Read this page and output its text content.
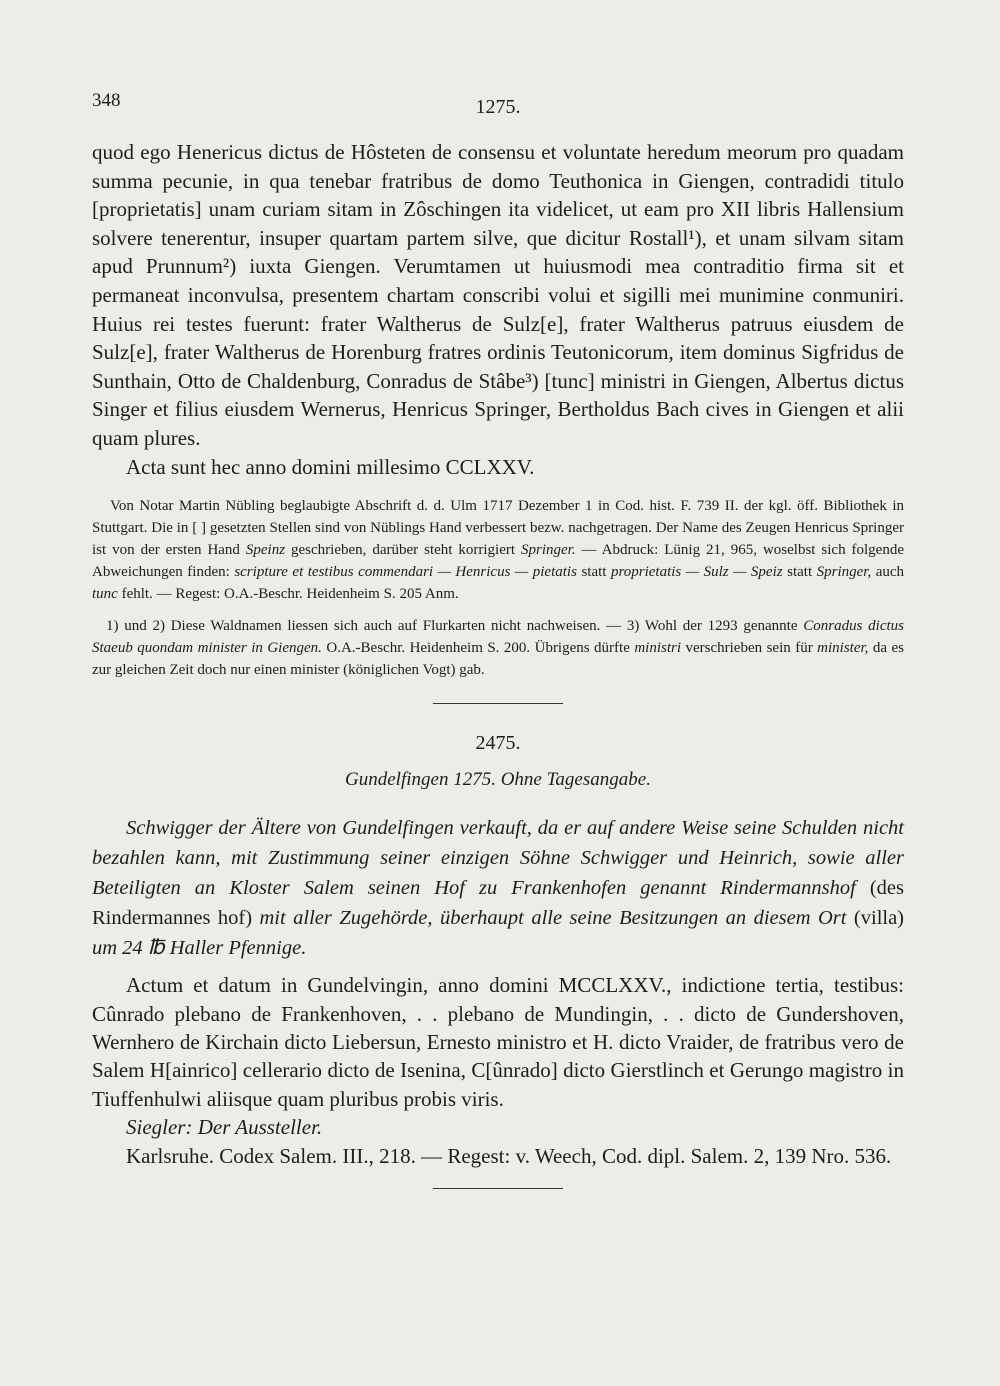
348	1275.

quod ego Henericus dictus de Hôsteten de consensu et voluntate heredum meorum pro quadam summa pecunie, in qua tenebar fratribus de domo Teuthonica in Giengen, contradidi titulo [proprietatis] unam curiam sitam in Zôschingen ita videlicet, ut eam pro XII libris Hallensium solvere tenerentur, insuper quartam partem silve, que dicitur Rostall¹), et unam silvam sitam apud Prunnum²) iuxta Giengen. Verumtamen ut huiusmodi mea contraditio firma sit et permaneat inconvulsa, presentem chartam conscribi volui et sigilli mei munimine conmuniri. Huius rei testes fuerunt: frater Waltherus de Sulz[e], frater Waltherus patruus eiusdem de Sulz[e], frater Waltherus de Horenburg fratres ordinis Teutonicorum, item dominus Sigfridus de Sunthain, Otto de Chaldenburg, Conradus de Stâbe³) [tunc] ministri in Giengen, Albertus dictus Singer et filius eiusdem Wernerus, Henricus Springer, Bertholdus Bach cives in Giengen et alii quam plures.

Acta sunt hec anno domini millesimo CCLXXV.

Von Notar Martin Nübling beglaubigte Abschrift d. d. Ulm 1717 Dezember 1 in Cod. hist. F. 739 II. der kgl. öff. Bibliothek in Stuttgart. Die in [ ] gesetzten Stellen sind von Nüblings Hand verbessert bezw. nachgetragen. Der Name des Zeugen Henricus Springer ist von der ersten Hand Speinz geschrieben, darüber steht korrigiert Springer. — Abdruck: Lünig 21, 965, woselbst sich folgende Abweichungen finden: scripture et testibus commendari — Henricus — pietatis statt proprietatis — Sulz — Speiz statt Springer, auch tunc fehlt. — Regest: O.A.-Beschr. Heidenheim S. 205 Anm.

1) und 2) Diese Waldnamen liessen sich auch auf Flurkarten nicht nachweisen. — 3) Wohl der 1293 genannte Conradus dictus Staeub quondam minister in Giengen. O.A.-Beschr. Heidenheim S. 200. Übrigens dürfte ministri verschrieben sein für minister, da es zur gleichen Zeit doch nur einen minister (königlichen Vogt) gab.

2475.
Gundelfingen 1275. Ohne Tagesangabe.

Schwigger der Ältere von Gundelfingen verkauft, da er auf andere Weise seine Schulden nicht bezahlen kann, mit Zustimmung seiner einzigen Söhne Schwigger und Heinrich, sowie aller Beteiligten an Kloster Salem seinen Hof zu Frankenhofen genannt Rindermannshof (des Rindermannes hof) mit aller Zugehörde, überhaupt alle seine Besitzungen an diesem Ort (villa) um 24 ℔ Haller Pfennige.

Actum et datum in Gundelvingin, anno domini MCCLXXV., indictione tertia, testibus: Cûnrado plebano de Frankenhoven, . . plebano de Mundingin, . . dicto de Gundershoven, Wernhero de Kirchain dicto Liebersun, Ernesto ministro et H. dicto Vraider, de fratribus vero de Salem H[ainrico] cellerario dicto de Isenina, C[ûnrado] dicto Gierstlinch et Gerungo magistro in Tiuffenhulwi aliisque quam pluribus probis viris.

Siegler: Der Aussteller.

Karlsruhe. Codex Salem. III., 218. — Regest: v. Weech, Cod. dipl. Salem. 2, 139 Nro. 536.
